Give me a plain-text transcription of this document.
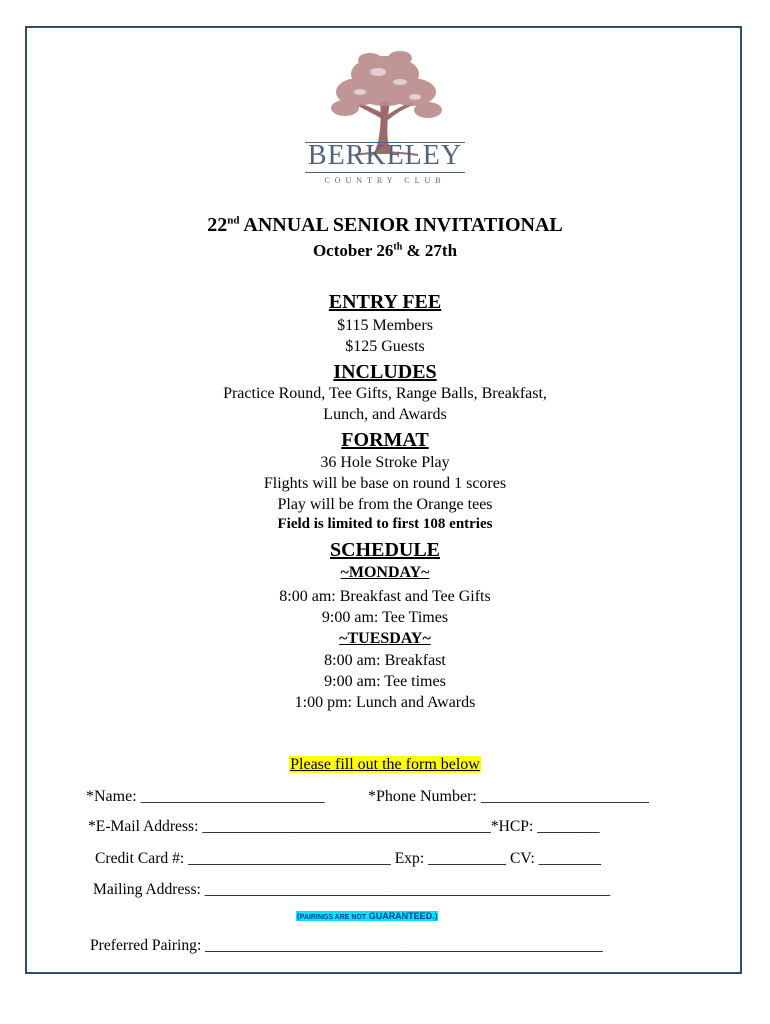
BERKELEY
COUNTRY CLUB
22nd ANNUAL SENIOR INVITATIONAL
October 26th & 27th
ENTRY FEE
$115 Members
$125 Guests
INCLUDES
Practice Round, Tee Gifts, Range Balls, Breakfast,
Lunch, and Awards
FORMAT
36 Hole Stroke Play
Flights will be base on round 1 scores
Play will be from the Orange tees
Field is limited to first 108 entries
SCHEDULE
~MONDAY~
8:00 am: Breakfast and Tee Gifts
9:00 am: Tee Times
~TUESDAY~
8:00 am: Breakfast
9:00 am: Tee times
1:00 pm: Lunch and Awards
Please fill out the form below
*Name: _______________________	*Phone Number: _____________________
*E-Mail Address: _____________________________________*HCP: ________
Credit Card #: __________________________ Exp: __________ CV: ________
Mailing Address: ____________________________________________________
(PAIRINGS ARE NOT GUARANTEED.)
Preferred Pairing: ___________________________________________________
